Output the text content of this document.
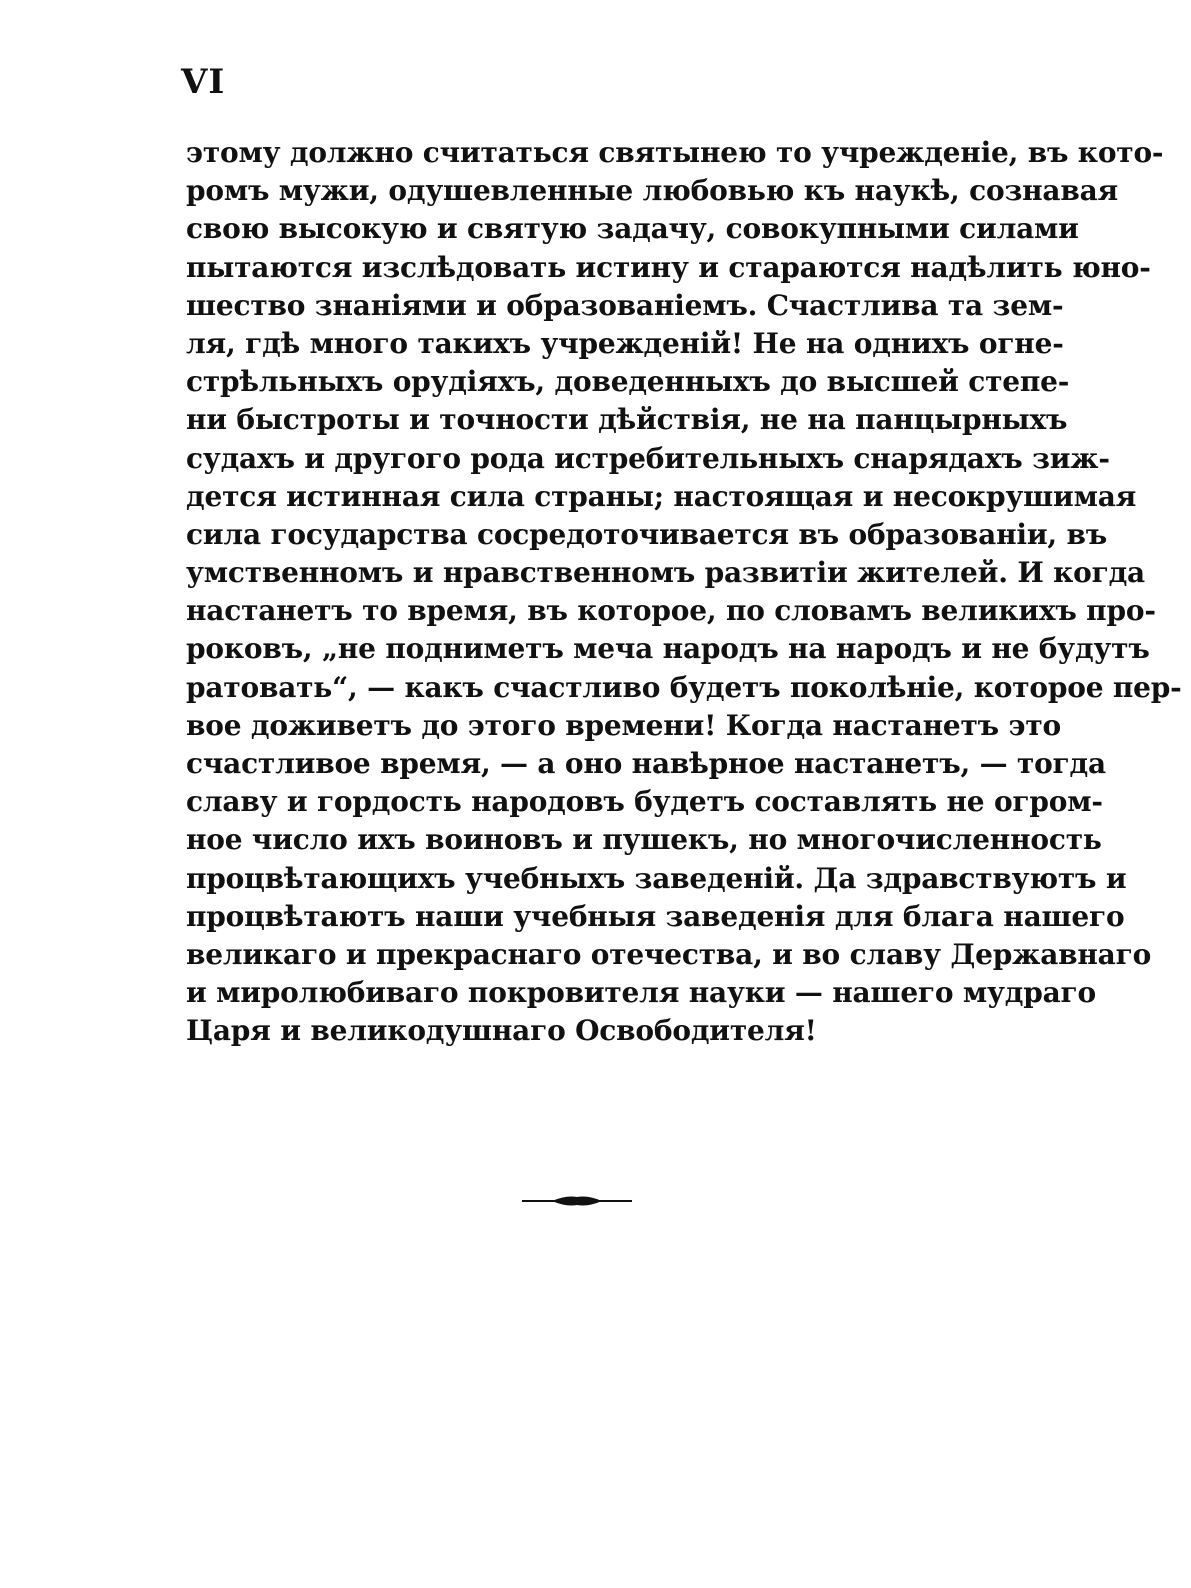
VI
этому должно считаться святынею то учрежденіе, въ кото-
ромъ мужи, одушевленные любовью къ наукѣ, сознавая
свою высокую и святую задачу, совокупными силами
пытаются изслѣдовать истину и стараются надѣлить юно-
шество знаніями и образованіемъ. Счастлива та зем-
ля, гдѣ много такихъ учрежденій! Не на однихъ огне-
стрѣльныхъ орудіяхъ, доведенныхъ до высшей степе-
ни быстроты и точности дѣйствія, не на панцырныхъ
судахъ и другого рода истребительныхъ снарядахъ зиж-
дется истинная сила страны; настоящая и несокрушимая
сила государства сосредоточивается въ образованіи, въ
умственномъ и нравственномъ развитіи жителей. И когда
настанетъ то время, въ которое, по словамъ великихъ про-
роковъ, „не подниметъ меча народъ на народъ и не будутъ
ратовать“, — какъ счастливо будетъ поколѣніе, которое пер-
вое доживетъ до этого времени! Когда настанетъ это
счастливое время, — а оно навѣрное настанетъ, — тогда
славу и гордость народовъ будетъ составлять не огром-
ное число ихъ воиновъ и пушекъ, но многочисленность
процвѣтающихъ учебныхъ заведеній. Да здравствуютъ и
процвѣтаютъ наши учебныя заведенія для блага нашего
великаго и прекраснаго отечества, и во славу Державнаго
и миролюбиваго покровителя науки — нашего мудраго
Царя и великодушнаго Освободителя!
